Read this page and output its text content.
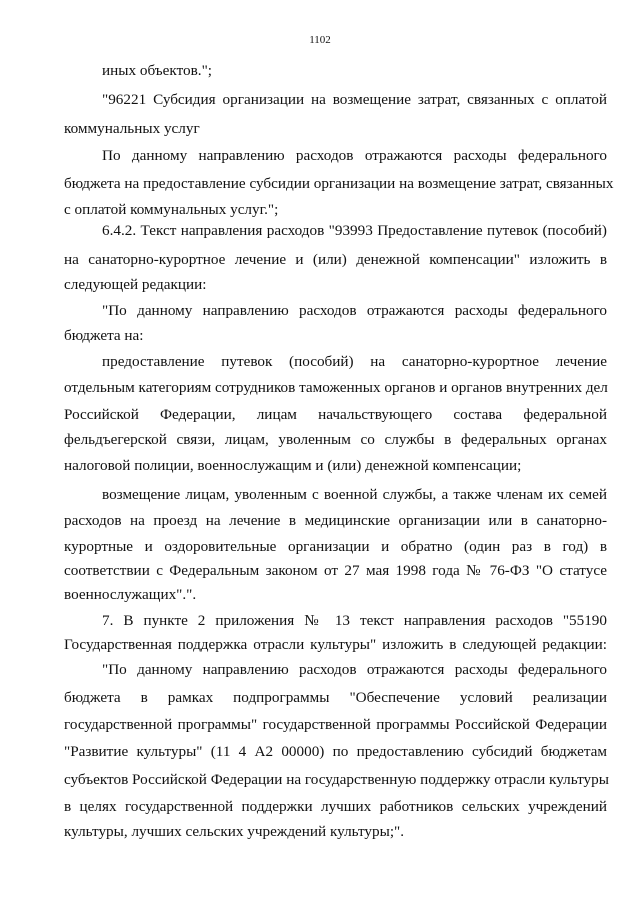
1102
иных объектов.";
"96221 Субсидия организации на возмещение затрат, связанных с оплатой
коммунальных услуг
По данному направлению расходов отражаются расходы федерального
бюджета на предоставление субсидии организации на возмещение затрат, связанных
с оплатой коммунальных услуг.";
6.4.2. Текст направления расходов "93993 Предоставление путевок (пособий)
на санаторно-курортное лечение и (или) денежной компенсации" изложить в
следующей редакции:
"По данному направлению расходов отражаются расходы федерального
бюджета на:
предоставление путевок (пособий) на санаторно-курортное лечение
отдельным категориям сотрудников таможенных органов и органов внутренних дел
Российской Федерации, лицам начальствующего состава федеральной
фельдъегерской связи, лицам, уволенным со службы в федеральных органах
налоговой полиции, военнослужащим и (или) денежной компенсации;
возмещение лицам, уволенным с военной службы, а также членам их семей
расходов на проезд на лечение в медицинские организации или в санаторно-
курортные и оздоровительные организации и обратно (один раз в год) в
соответствии с Федеральным законом от 27 мая 1998 года № 76-ФЗ "О статусе
военнослужащих".".
7. В пункте 2 приложения № 13 текст направления расходов "55190
Государственная поддержка отрасли культуры" изложить в следующей редакции:
"По данному направлению расходов отражаются расходы федерального
бюджета в рамках подпрограммы "Обеспечение условий реализации
государственной программы" государственной программы Российской Федерации
"Развитие культуры" (11 4 А2 00000) по предоставлению субсидий бюджетам
субъектов Российской Федерации на государственную поддержку отрасли культуры
в целях государственной поддержки лучших работников сельских учреждений
культуры, лучших сельских учреждений культуры;".
